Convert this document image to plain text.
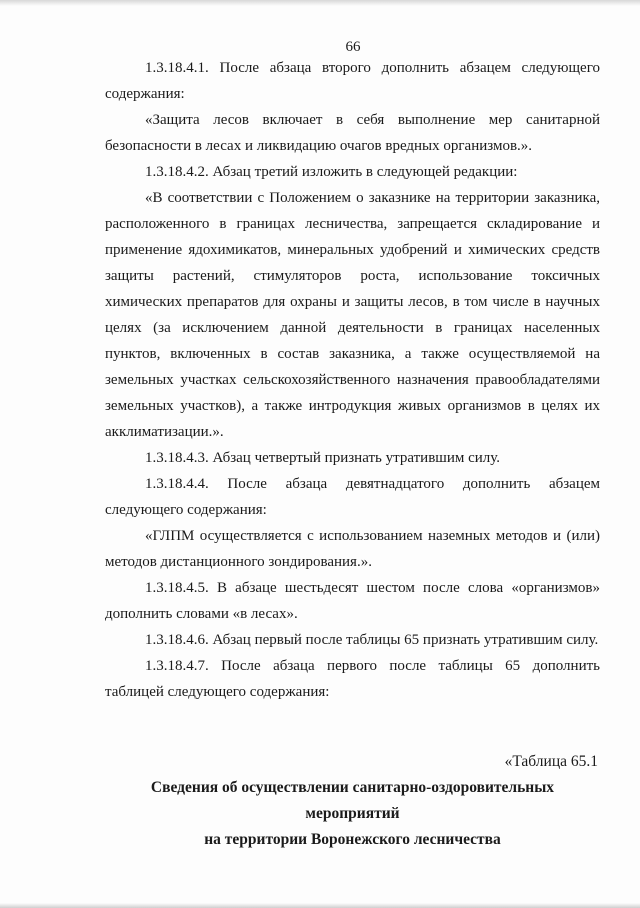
66

1.3.18.4.1. После абзаца второго дополнить абзацем следующего содержания:

«Защита лесов включает в себя выполнение мер санитарной безопасности в лесах и ликвидацию очагов вредных организмов.».

1.3.18.4.2. Абзац третий изложить в следующей редакции:

«В соответствии с Положением о заказнике на территории заказника, расположенного в границах лесничества, запрещается складирование и применение ядохимикатов, минеральных удобрений и химических средств защиты растений, стимуляторов роста, использование токсичных химических препаратов для охраны и защиты лесов, в том числе в научных целях (за исключением данной деятельности в границах населенных пунктов, включенных в состав заказника, а также осуществляемой на земельных участках сельскохозяйственного назначения правообладателями земельных участков), а также интродукция живых организмов в целях их акклиматизации.».

1.3.18.4.3. Абзац четвертый признать утратившим силу.

1.3.18.4.4. После абзаца девятнадцатого дополнить абзацем следующего содержания:

«ГЛПМ осуществляется с использованием наземных методов и (или) методов дистанционного зондирования.».

1.3.18.4.5. В абзаце шестьдесят шестом после слова «организмов» дополнить словами «в лесах».

1.3.18.4.6. Абзац первый после таблицы 65 признать утратившим силу.

1.3.18.4.7. После абзаца первого после таблицы 65 дополнить таблицей следующего содержания:

«Таблица 65.1

Сведения об осуществлении санитарно-оздоровительных мероприятий

на территории Воронежского лесничества
